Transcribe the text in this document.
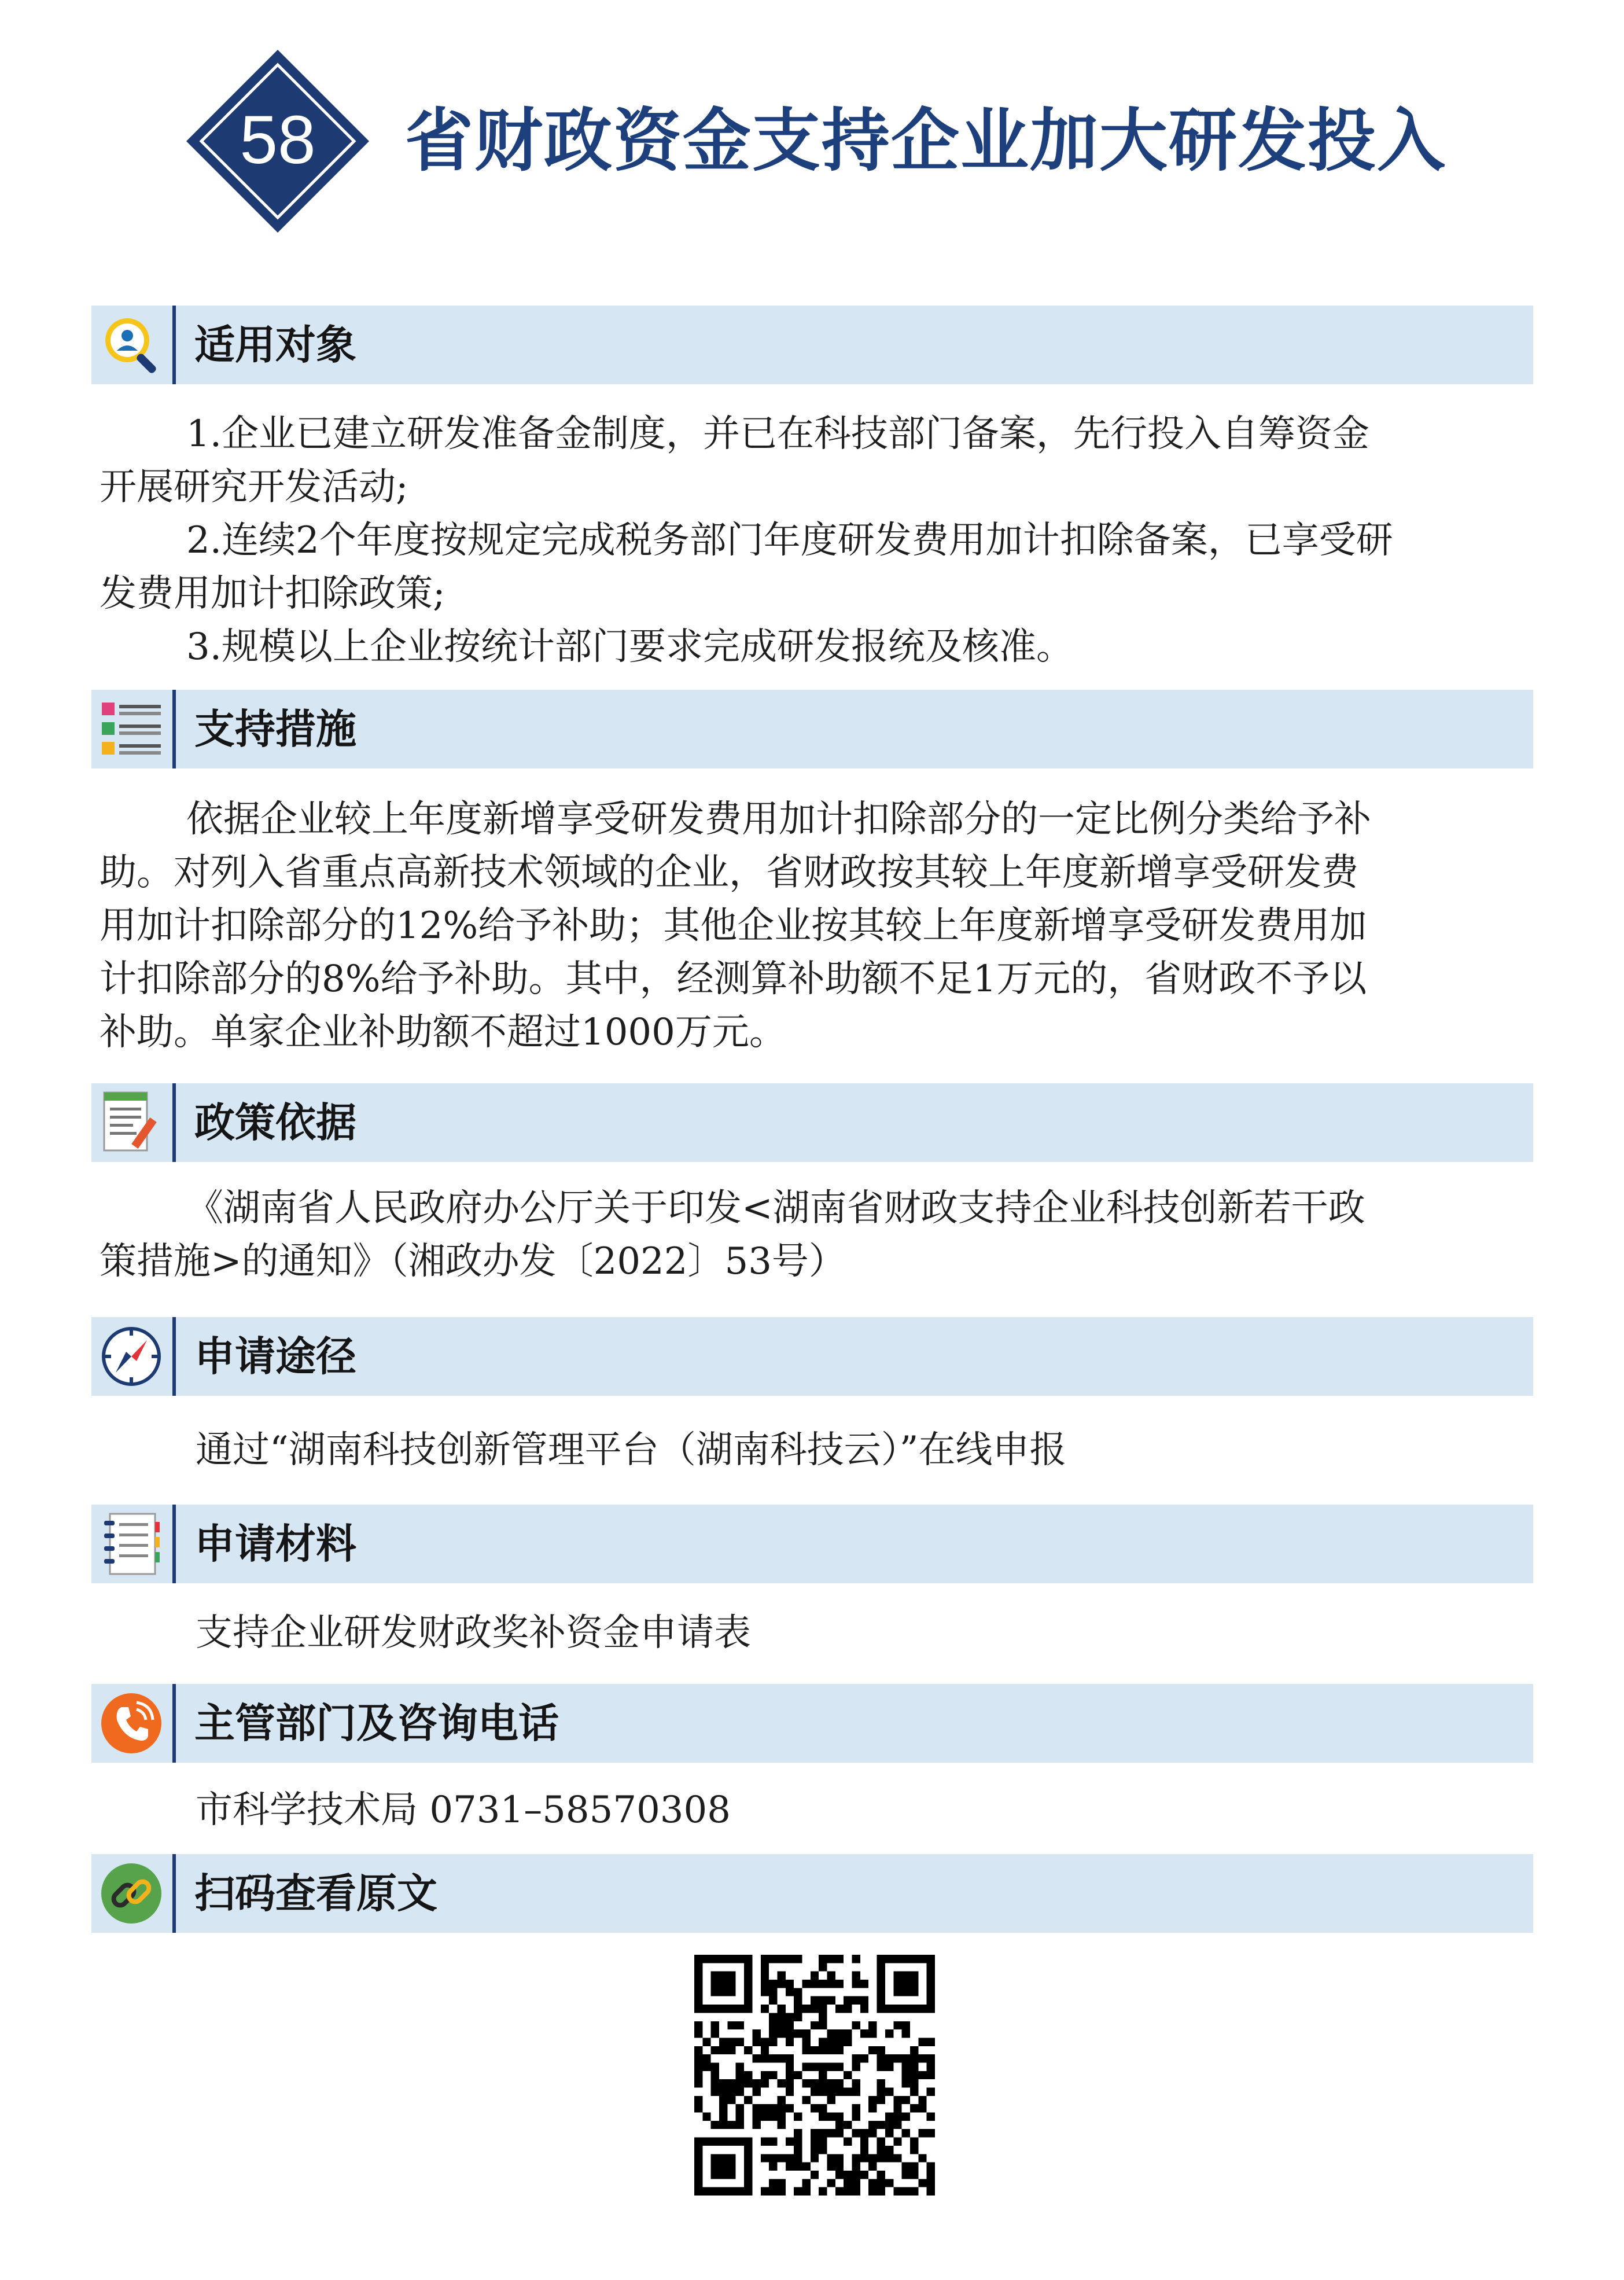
58 省财政资金支持企业加大研发投入
适用对象
1.企业已建立研发准备金制度，并已在科技部门备案，先行投入自筹资金
开展研究开发活动;
2.连续2个年度按规定完成税务部门年度研发费用加计扣除备案，已享受研
发费用加计扣除政策;
3.规模以上企业按统计部门要求完成研发报统及核准。
支持措施
依据企业较上年度新增享受研发费用加计扣除部分的一定比例分类给予补
助。对列入省重点高新技术领域的企业，省财政按其较上年度新增享受研发费
用加计扣除部分的12%给予补助；其他企业按其较上年度新增享受研发费用加
计扣除部分的8%给予补助。其中，经测算补助额不足1万元的，省财政不予以
补助。单家企业补助额不超过1000万元。
政策依据
《湖南省人民政府办公厅关于印发<湖南省财政支持企业科技创新若干政
策措施>的通知》（湘政办发〔2022〕53号）
申请途径
通过“湖南科技创新管理平台（湖南科技云）”在线申报
申请材料
支持企业研发财政奖补资金申请表
主管部门及咨询电话
市科学技术局 0731–58570308
扫码查看原文
